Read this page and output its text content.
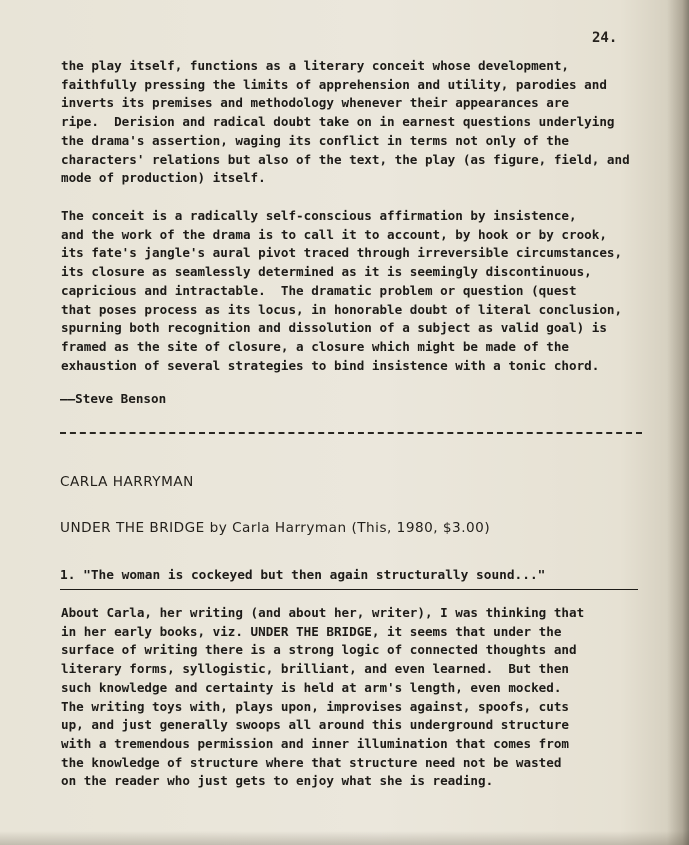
24.
the play itself, functions as a literary conceit whose development,
faithfully pressing the limits of apprehension and utility, parodies and
inverts its premises and methodology whenever their appearances are
ripe.  Derision and radical doubt take on in earnest questions underlying
the drama's assertion, waging its conflict in terms not only of the
characters' relations but also of the text, the play (as figure, field, and
mode of production) itself.
The conceit is a radically self-conscious affirmation by insistence,
and the work of the drama is to call it to account, by hook or by crook,
its fate's jangle's aural pivot traced through irreversible circumstances,
its closure as seamlessly determined as it is seemingly discontinuous,
capricious and intractable.  The dramatic problem or question (quest
that poses process as its locus, in honorable doubt of literal conclusion,
spurning both recognition and dissolution of a subject as valid goal) is
framed as the site of closure, a closure which might be made of the
exhaustion of several strategies to bind insistence with a tonic chord.
——Steve Benson
CARLA HARRYMAN
UNDER THE BRIDGE by Carla Harryman (This, 1980, $3.00)
1. "The woman is cockeyed but then again structurally sound..."
About Carla, her writing (and about her, writer), I was thinking that
in her early books, viz. UNDER THE BRIDGE, it seems that under the
surface of writing there is a strong logic of connected thoughts and
literary forms, syllogistic, brilliant, and even learned.  But then
such knowledge and certainty is held at arm's length, even mocked.
The writing toys with, plays upon, improvises against, spoofs, cuts
up, and just generally swoops all around this underground structure
with a tremendous permission and inner illumination that comes from
the knowledge of structure where that structure need not be wasted
on the reader who just gets to enjoy what she is reading.
